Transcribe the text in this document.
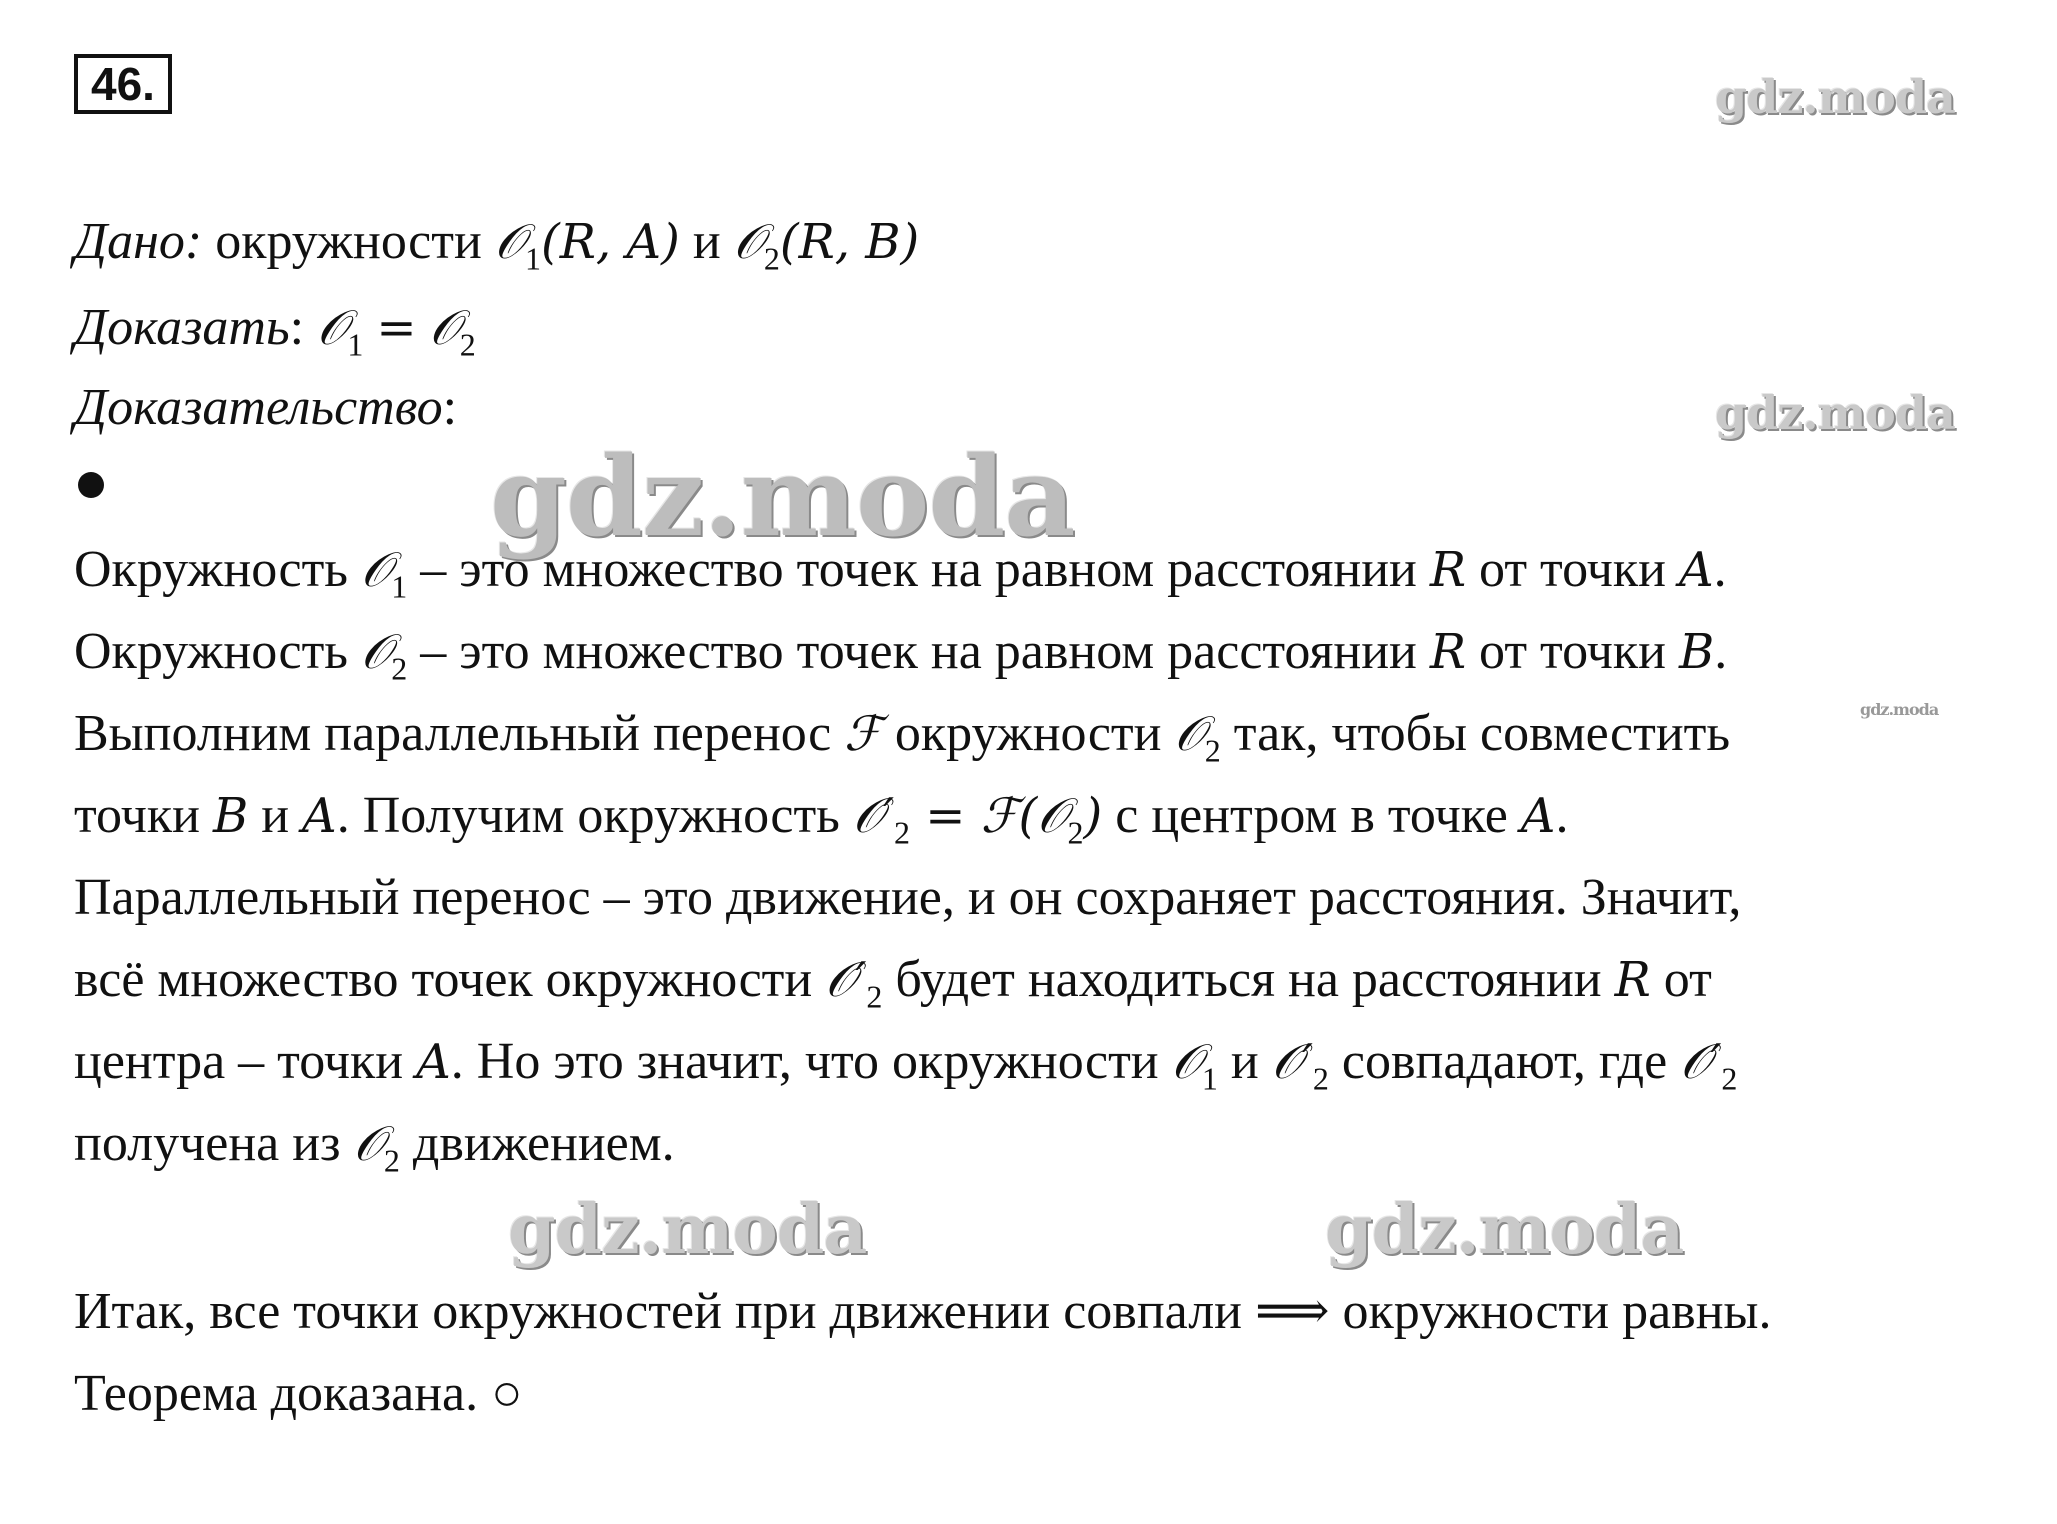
46.	gdz.moda
gdz.moda
gdz.moda
gdz.moda
gdz.moda	gdz.moda
Дано: окружности 𝒪$_1$(R, A) и 𝒪$_2$(R, B)
Доказать: 𝒪$_1$ = 𝒪$_2$
Доказательство:
Окружность 𝒪$_1$ – это множество точек на равном расстоянии R от точки A.
Окружность 𝒪$_2$ – это множество точек на равном расстоянии R от точки B.
Выполним параллельный перенос ℱ окружности 𝒪$_2$ так, чтобы совместить
точки B и A. Получим окружность $𝒪'_2$ = ℱ(𝒪$_2$) с центром в точке A.
Параллельный перенос – это движение, и он сохраняет расстояния. Значит,
всё множество точек окружности $𝒪'_2$ будет находиться на расстоянии R от
центра – точки A. Но это значит, что окружности 𝒪$_1$ и $𝒪'_2$ совпадают, где $𝒪'_2$
получена из 𝒪$_2$ движением.
Итак, все точки окружностей при движении совпали ⟹ окружности равны.
Теорема доказана. ○
